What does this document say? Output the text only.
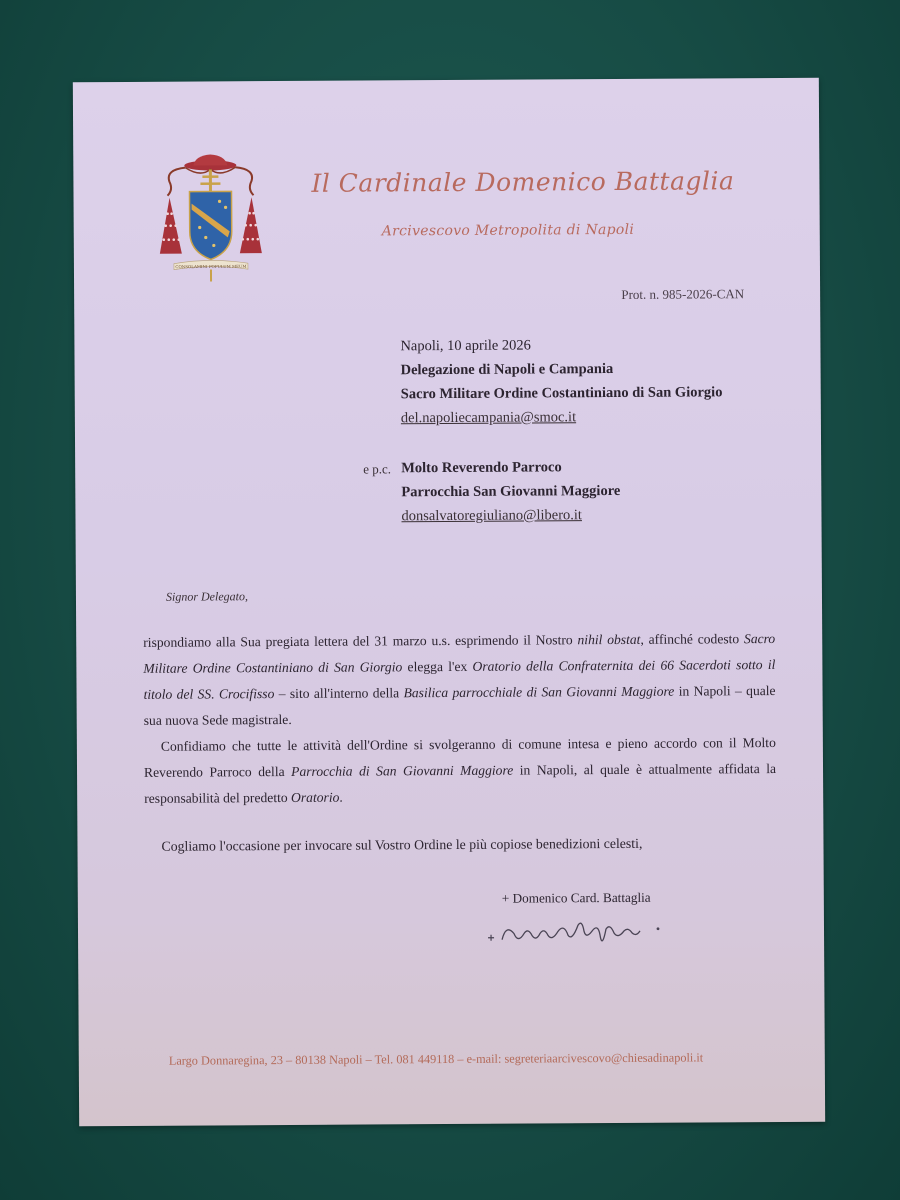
CONSOLAMINI POPULUM MEUM
Il Cardinale Domenico Battaglia
Arcivescovo Metropolita di Napoli
Prot. n. 985-2026-CAN
Napoli, 10 aprile 2026
Delegazione di Napoli e Campania
Sacro Militare Ordine Costantiniano di San Giorgio
del.napoliecampania@smoc.it
e p.c. Molto Reverendo Parroco
Parrocchia San Giovanni Maggiore
donsalvatoregiuliano@libero.it
Signor Delegato,

rispondiamo alla Sua pregiata lettera del 31 marzo u.s. esprimendo il Nostro nihil obstat, affinché codesto Sacro Militare Ordine Costantiniano di San Giorgio elegga l'ex Oratorio della Confraternita dei 66 Sacerdoti sotto il titolo del SS. Crocifisso – sito all'interno della Basilica parrocchiale di San Giovanni Maggiore in Napoli – quale sua nuova Sede magistrale.

Confidiamo che tutte le attività dell'Ordine si svolgeranno di comune intesa e pieno accordo con il Molto Reverendo Parroco della Parrocchia di San Giovanni Maggiore in Napoli, al quale è attualmente affidata la responsabilità del predetto Oratorio.

Cogliamo l'occasione per invocare sul Vostro Ordine le più copiose benedizioni celesti,
+ Domenico Card. Battaglia
Largo Donnaregina, 23 – 80138 Napoli – Tel. 081 449118 – e-mail: segreteriaarcivescovo@chiesadinapoli.it
